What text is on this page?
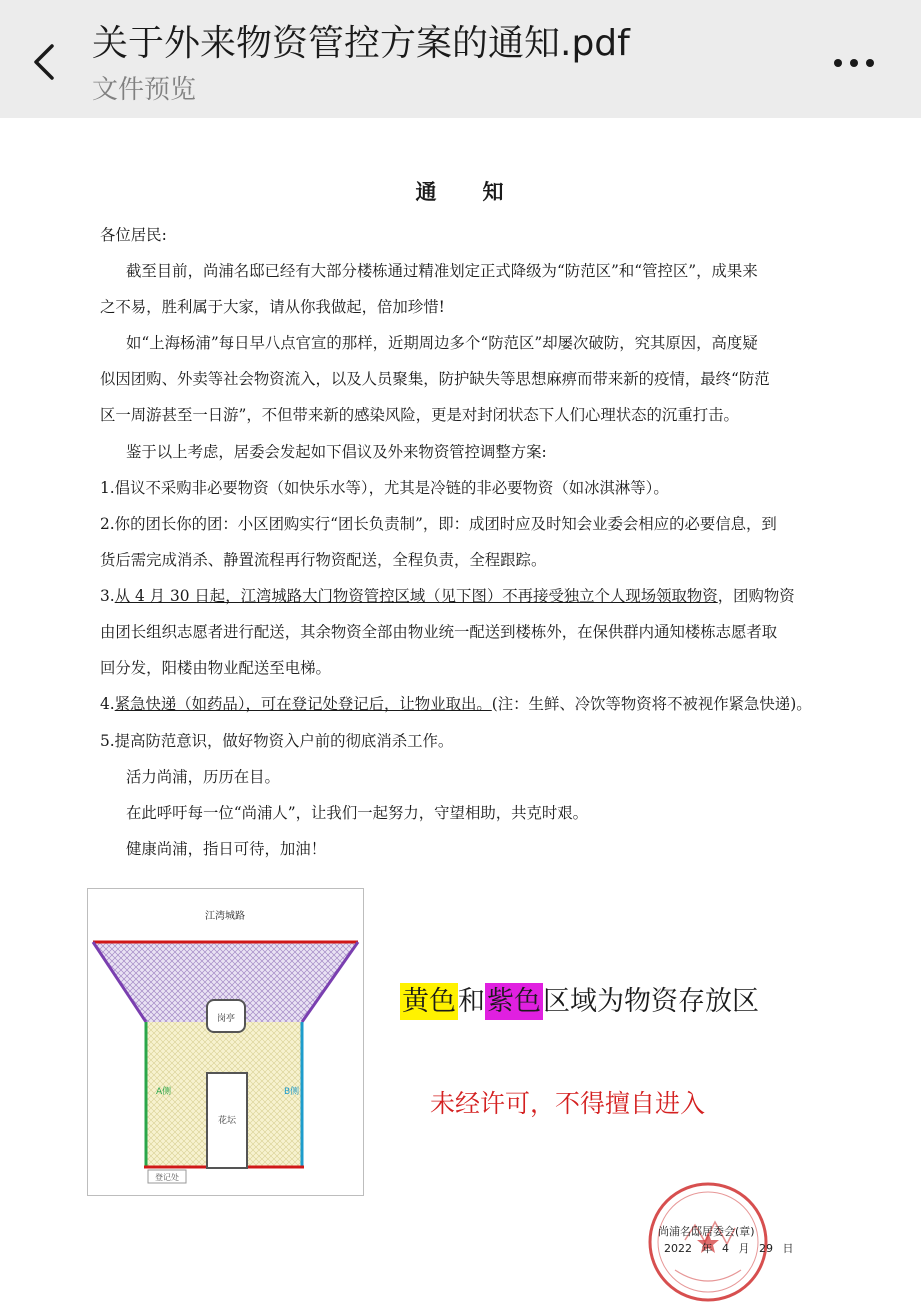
关于外来物资管控方案的通知.pdf
文件预览
通 知
各位居民:
截至目前，尚浦名邸已经有大部分楼栋通过精准划定正式降级为“防范区”和“管控区”，成果来
之不易，胜利属于大家，请从你我做起，倍加珍惜!
如“上海杨浦”每日早八点官宣的那样，近期周边多个“防范区”却屡次破防，究其原因，高度疑
似因团购、外卖等社会物资流入，以及人员聚集，防护缺失等思想麻痹而带来新的疫情，最终“防范
区一周游甚至一日游”，不但带来新的感染风险，更是对封闭状态下人们心理状态的沉重打击。
鉴于以上考虑，居委会发起如下倡议及外来物资管控调整方案:
1.倡议不采购非必要物资（如快乐水等），尤其是冷链的非必要物资（如冰淇淋等）。
2.你的团长你的团：小区团购实行“团长负责制”，即：成团时应及时知会业委会相应的必要信息，到
货后需完成消杀、静置流程再行物资配送，全程负责，全程跟踪。
3.从 4 月 30 日起，江湾城路大门物资管控区域（见下图）不再接受独立个人现场领取物资，团购物资
由团长组织志愿者进行配送，其余物资全部由物业统一配送到楼栋外，在保供群内通知楼栋志愿者取
回分发，阳楼由物业配送至电梯。
4.紧急快递（如药品），可在登记处登记后，让物业取出。(注：生鲜、冷饮等物资将不被视作紧急快递)。
5.提高防范意识，做好物资入户前的彻底消杀工作。
活力尚浦，历历在目。
在此呼吁每一位“尚浦人”，让我们一起努力，守望相助，共克时艰。
健康尚浦，指日可待，加油！
江湾城路
岗亭
花坛
A侧	B侧
登记处
黄色和紫色区域为物资存放区
未经许可，不得擅自进入
尚浦名邸居委会(章)
2022 年 4 月 29 日
